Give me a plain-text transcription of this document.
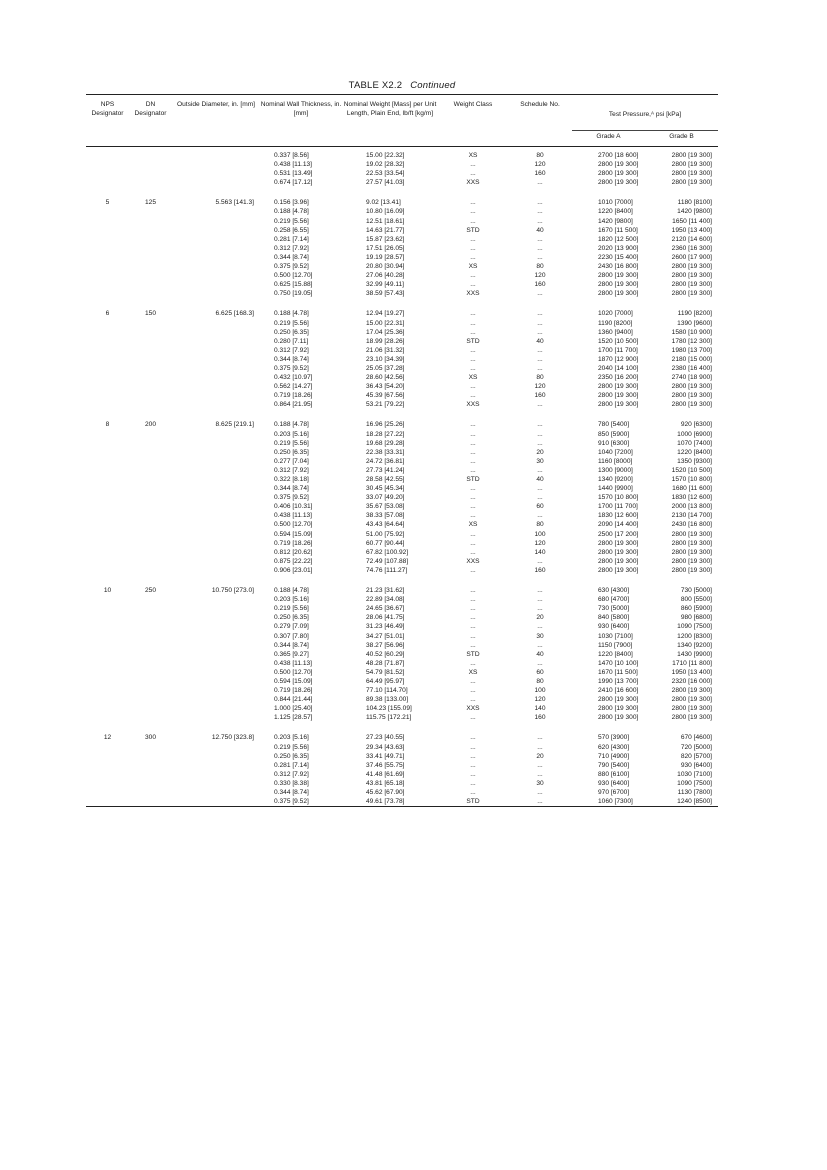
TABLE X2.2 Continued
NPS Designator	DN Designator	Outside Diameter, in. [mm]	Nominal Wall Thickness, in. [mm]	Nominal Weight [Mass] per Unit Length, Plain End, lb/ft [kg/m]	Weight Class	Schedule No.	Test Pressure,ᴬ psi [kPa]	
							Grade A	Grade B
			0.337 [8.56]	15.00 [22.32]	XS	80	2700 [18 600]	2800 [19 300]
			0.438 [11.13]	19.02 [28.32]	...	120	2800 [19 300]	2800 [19 300]
			0.531 [13.49]	22.53 [33.54]	...	160	2800 [19 300]	2800 [19 300]
			0.674 [17.12]	27.57 [41.03]	XXS	...	2800 [19 300]	2800 [19 300]

5	125	5.563 [141.3]	0.156 [3.96]	9.02 [13.41]	...	...	1010 [7000]	1180 [8100]
			0.188 [4.78]	10.80 [16.09]	...	...	1220 [8400]	1420 [9800]
			0.219 [5.56]	12.51 [18.61]	...	...	1420 [9800]	1650 [11 400]
			0.258 [6.55]	14.63 [21.77]	STD	40	1670 [11 500]	1950 [13 400]
			0.281 [7.14]	15.87 [23.62]	...	...	1820 [12 500]	2120 [14 600]
			0.312 [7.92]	17.51 [26.05]	...	...	2020 [13 900]	2360 [16 300]
			0.344 [8.74]	19.19 [28.57]	...	...	2230 [15 400]	2600 [17 900]
			0.375 [9.52]	20.80 [30.94]	XS	80	2430 [16 800]	2800 [19 300]
			0.500 [12.70]	27.06 [40.28]	...	120	2800 [19 300]	2800 [19 300]
			0.625 [15.88]	32.99 [49.11]	...	160	2800 [19 300]	2800 [19 300]
			0.750 [19.05]	38.59 [57.43]	XXS	...	2800 [19 300]	2800 [19 300]

6	150	6.625 [168.3]	0.188 [4.78]	12.94 [19.27]	...	...	1020 [7000]	1190 [8200]
			0.219 [5.56]	15.00 [22.31]	...	...	1190 [8200]	1390 [9600]
			0.250 [6.35]	17.04 [25.36]	...	...	1360 [9400]	1580 [10 900]
			0.280 [7.11]	18.99 [28.26]	STD	40	1520 [10 500]	1780 [12 300]
			0.312 [7.92]	21.06 [31.32]	...	...	1700 [11 700]	1980 [13 700]
			0.344 [8.74]	23.10 [34.39]	...	...	1870 [12 900]	2180 [15 000]
			0.375 [9.52]	25.05 [37.28]	...	...	2040 [14 100]	2380 [16 400]
			0.432 [10.97]	28.60 [42.56]	XS	80	2350 [16 200]	2740 [18 900]
			0.562 [14.27]	36.43 [54.20]	...	120	2800 [19 300]	2800 [19 300]
			0.719 [18.26]	45.39 [67.56]	...	160	2800 [19 300]	2800 [19 300]
			0.864 [21.95]	53.21 [79.22]	XXS	...	2800 [19 300]	2800 [19 300]

8	200	8.625 [219.1]	0.188 [4.78]	16.96 [25.26]	...	...	780 [5400]	920 [6300]
			0.203 [5.16]	18.28 [27.22]	...	...	850 [5900]	1000 [6900]
			0.219 [5.56]	19.68 [29.28]	...	...	910 [6300]	1070 [7400]
			0.250 [6.35]	22.38 [33.31]	...	20	1040 [7200]	1220 [8400]
			0.277 [7.04]	24.72 [36.81]	...	30	1160 [8000]	1350 [9300]
			0.312 [7.92]	27.73 [41.24]	...	...	1300 [9000]	1520 [10 500]
			0.322 [8.18]	28.58 [42.55]	STD	40	1340 [9200]	1570 [10 800]
			0.344 [8.74]	30.45 [45.34]	...	...	1440 [9900]	1680 [11 600]
			0.375 [9.52]	33.07 [49.20]	...	...	1570 [10 800]	1830 [12 600]
			0.406 [10.31]	35.67 [53.08]	...	60	1700 [11 700]	2000 [13 800]
			0.438 [11.13]	38.33 [57.08]	...	...	1830 [12 600]	2130 [14 700]
			0.500 [12.70]	43.43 [64.64]	XS	80	2090 [14 400]	2430 [16 800]
			0.594 [15.09]	51.00 [75.92]	...	100	2500 [17 200]	2800 [19 300]
			0.719 [18.26]	60.77 [90.44]	...	120	2800 [19 300]	2800 [19 300]
			0.812 [20.62]	67.82 [100.92]	...	140	2800 [19 300]	2800 [19 300]
			0.875 [22.22]	72.49 [107.88]	XXS	...	2800 [19 300]	2800 [19 300]
			0.906 [23.01]	74.76 [111.27]	...	160	2800 [19 300]	2800 [19 300]

10	250	10.750 [273.0]	0.188 [4.78]	21.23 [31.62]	...	...	630 [4300]	730 [5000]
			0.203 [5.16]	22.89 [34.08]	...	...	680 [4700]	800 [5500]
			0.219 [5.56]	24.65 [36.67]	...	...	730 [5000]	860 [5900]
			0.250 [6.35]	28.06 [41.75]	...	20	840 [5800]	980 [6800]
			0.279 [7.09]	31.23 [46.49]	...	...	930 [6400]	1090 [7500]
			0.307 [7.80]	34.27 [51.01]	...	30	1030 [7100]	1200 [8300]
			0.344 [8.74]	38.27 [56.96]	...	...	1150 [7900]	1340 [9200]
			0.365 [9.27]	40.52 [60.29]	STD	40	1220 [8400]	1430 [9900]
			0.438 [11.13]	48.28 [71.87]	...	...	1470 [10 100]	1710 [11 800]
			0.500 [12.70]	54.79 [81.52]	XS	60	1670 [11 500]	1950 [13 400]
			0.594 [15.09]	64.49 [95.97]	...	80	1990 [13 700]	2320 [16 000]
			0.719 [18.26]	77.10 [114.70]	...	100	2410 [16 600]	2800 [19 300]
			0.844 [21.44]	89.38 [133.00]	...	120	2800 [19 300]	2800 [19 300]
			1.000 [25.40]	104.23 [155.09]	XXS	140	2800 [19 300]	2800 [19 300]
			1.125 [28.57]	115.75 [172.21]	...	160	2800 [19 300]	2800 [19 300]

12	300	12.750 [323.8]	0.203 [5.16]	27.23 [40.55]	...	...	570 [3900]	670 [4600]
			0.219 [5.56]	29.34 [43.63]	...	...	620 [4300]	720 [5000]
			0.250 [6.35]	33.41 [49.71]	...	20	710 [4900]	820 [5700]
			0.281 [7.14]	37.46 [55.75]	...	...	790 [5400]	930 [6400]
			0.312 [7.92]	41.48 [61.69]	...	...	880 [6100]	1030 [7100]
			0.330 [8.38]	43.81 [65.18]	...	30	930 [6400]	1090 [7500]
			0.344 [8.74]	45.62 [67.90]	...	...	970 [6700]	1130 [7800]
			0.375 [9.52]	49.61 [73.78]	STD	...	1060 [7300]	1240 [8500]
